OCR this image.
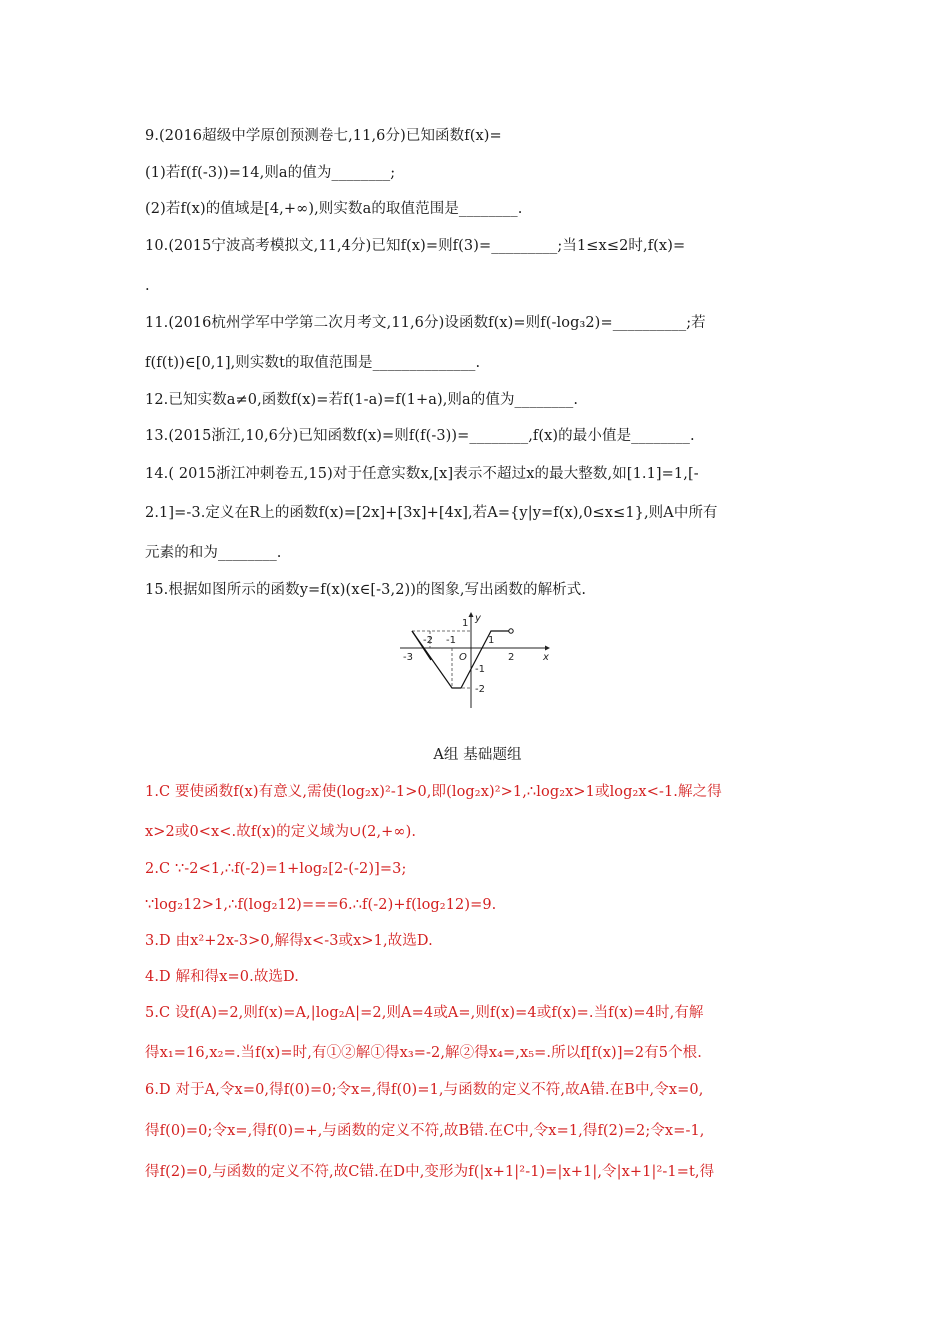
9.(2016超级中学原创预测卷七,11,6分)已知函数f(x)=
(1)若f(f(-3))=14,则a的值为________;
(2)若f(x)的值域是[4,+∞),则实数a的取值范围是________.
10.(2015宁波高考模拟文,11,4分)已知f(x)=则f(3)=_________;当1≤x≤2时,f(x)=
.
11.(2016杭州学军中学第二次月考文,11,6分)设函数f(x)=则f(-log₃2)=__________;若
f(f(t))∈[0,1],则实数t的取值范围是______________.
12.已知实数a≠0,函数f(x)=若f(1-a)=f(1+a),则a的值为________.
13.(2015浙江,10,6分)已知函数f(x)=则f(f(-3))=________,f(x)的最小值是________.
14.( 2015浙江冲刺卷五,15)对于任意实数x,[x]表示不超过x的最大整数,如[1.1]=1,[-
2.1]=-3.定义在R上的函数f(x)=[2x]+[3x]+[4x],若A={y|y=f(x),0≤x≤1},则A中所有
元素的和为________.
15.根据如图所示的函数y=f(x)(x∈[-3,2))的图象,写出函数的解析式.
y
x
O
-3
-2 -1	1
2
1
-1
-2
A组 基础题组
1.C 要使函数f(x)有意义,需使(log₂x)²-1>0,即(log₂x)²>1,∴log₂x>1或log₂x<-1.解之得
x>2或0<x<.故f(x)的定义域为∪(2,+∞).
2.C ∵-2<1,∴f(-2)=1+log₂[2-(-2)]=3;
∵log₂12>1,∴f(log₂12)===6.∴f(-2)+f(log₂12)=9.
3.D 由x²+2x-3>0,解得x<-3或x>1,故选D.
4.D 解和得x=0.故选D.
5.C 设f(A)=2,则f(x)=A,|log₂A|=2,则A=4或A=,则f(x)=4或f(x)=.当f(x)=4时,有解
得x₁=16,x₂=.当f(x)=时,有①②解①得x₃=-2,解②得x₄=,x₅=.所以f[f(x)]=2有5个根.
6.D 对于A,令x=0,得f(0)=0;令x=,得f(0)=1,与函数的定义不符,故A错.在B中,令x=0,
得f(0)=0;令x=,得f(0)=+,与函数的定义不符,故B错.在C中,令x=1,得f(2)=2;令x=-1,
得f(2)=0,与函数的定义不符,故C错.在D中,变形为f(|x+1|²-1)=|x+1|,令|x+1|²-1=t,得
